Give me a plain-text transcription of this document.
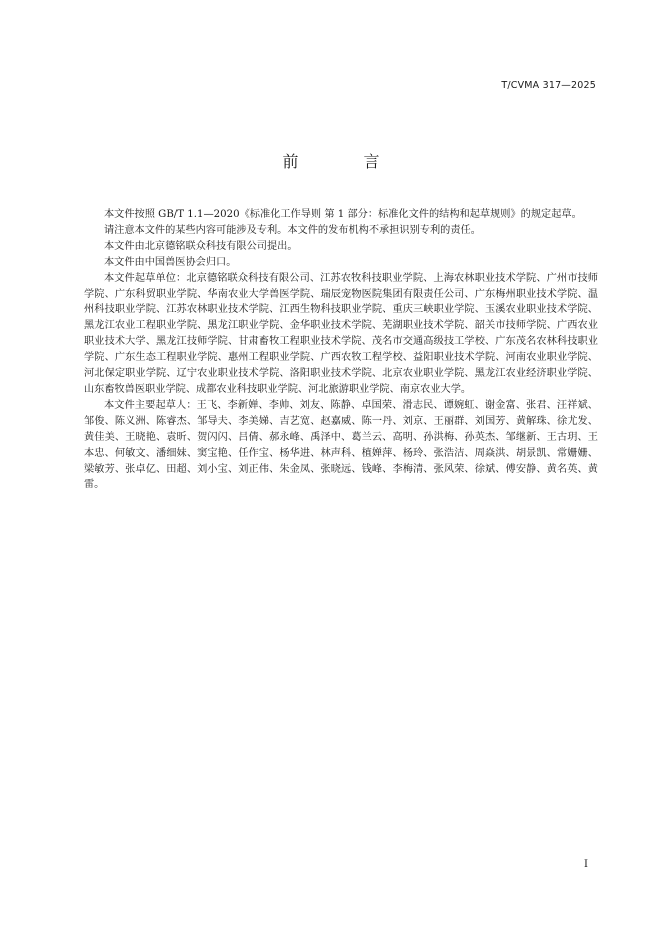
T/CVMA 317—2025
前 言

本文件按照 GB/T 1.1—2020《标准化工作导则 第 1 部分：标准化文件的结构和起草规则》的规定起草。

请注意本文件的某些内容可能涉及专利。本文件的发布机构不承担识别专利的责任。

本文件由北京德铭联众科技有限公司提出。

本文件由中国兽医协会归口。

本文件起草单位：北京德铭联众科技有限公司、江苏农牧科技职业学院、上海农林职业技术学院、广州市技师学院、广东科贸职业学院、华南农业大学兽医学院、瑞辰宠物医院集团有限责任公司、广东梅州职业技术学院、温州科技职业学院、江苏农林职业技术学院、江西生物科技职业学院、重庆三峡职业学院、玉溪农业职业技术学院、黑龙江农业工程职业学院、黑龙江职业学院、金华职业技术学院、芜湖职业技术学院、韶关市技师学院、广西农业职业技术大学、黑龙江技师学院、甘肃畜牧工程职业技术学院、茂名市交通高级技工学校、广东茂名农林科技职业学院、广东生态工程职业学院、惠州工程职业学院、广西农牧工程学校、益阳职业技术学院、河南农业职业学院、河北保定职业学院、辽宁农业职业技术学院、洛阳职业技术学院、北京农业职业学院、黑龙江农业经济职业学院、山东畜牧兽医职业学院、成都农业科技职业学院、河北旅游职业学院、南京农业大学。

本文件主要起草人：王飞、李新婵、李帅、刘友、陈静、卓国荣、滑志民、谭婉虹、谢金富、张君、汪祥斌、邹俊、陈义洲、陈睿杰、邹导夫、李美娣、吉艺宽、赵嘉威、陈一丹、刘京、王丽群、刘国芳、黄解珠、徐尤发、黄佳美、王晓艳、袁昕、贺闪闪、吕倩、郝永峰、禹泽中、葛兰云、高明、孙洪梅、孙英杰、邹继新、王古玥、王本忠、何敏文、潘细妹、窦宝艳、任作宝、杨华进、林声科、植婵萍、杨玲、张浩洁、周焱洪、胡景凯、常姗姗、梁敏芳、张卓亿、田超、刘小宝、刘正伟、朱金凤、张晓远、钱峰、李梅清、张风荣、徐斌、傅安静、黄名英、黄雷。

I
